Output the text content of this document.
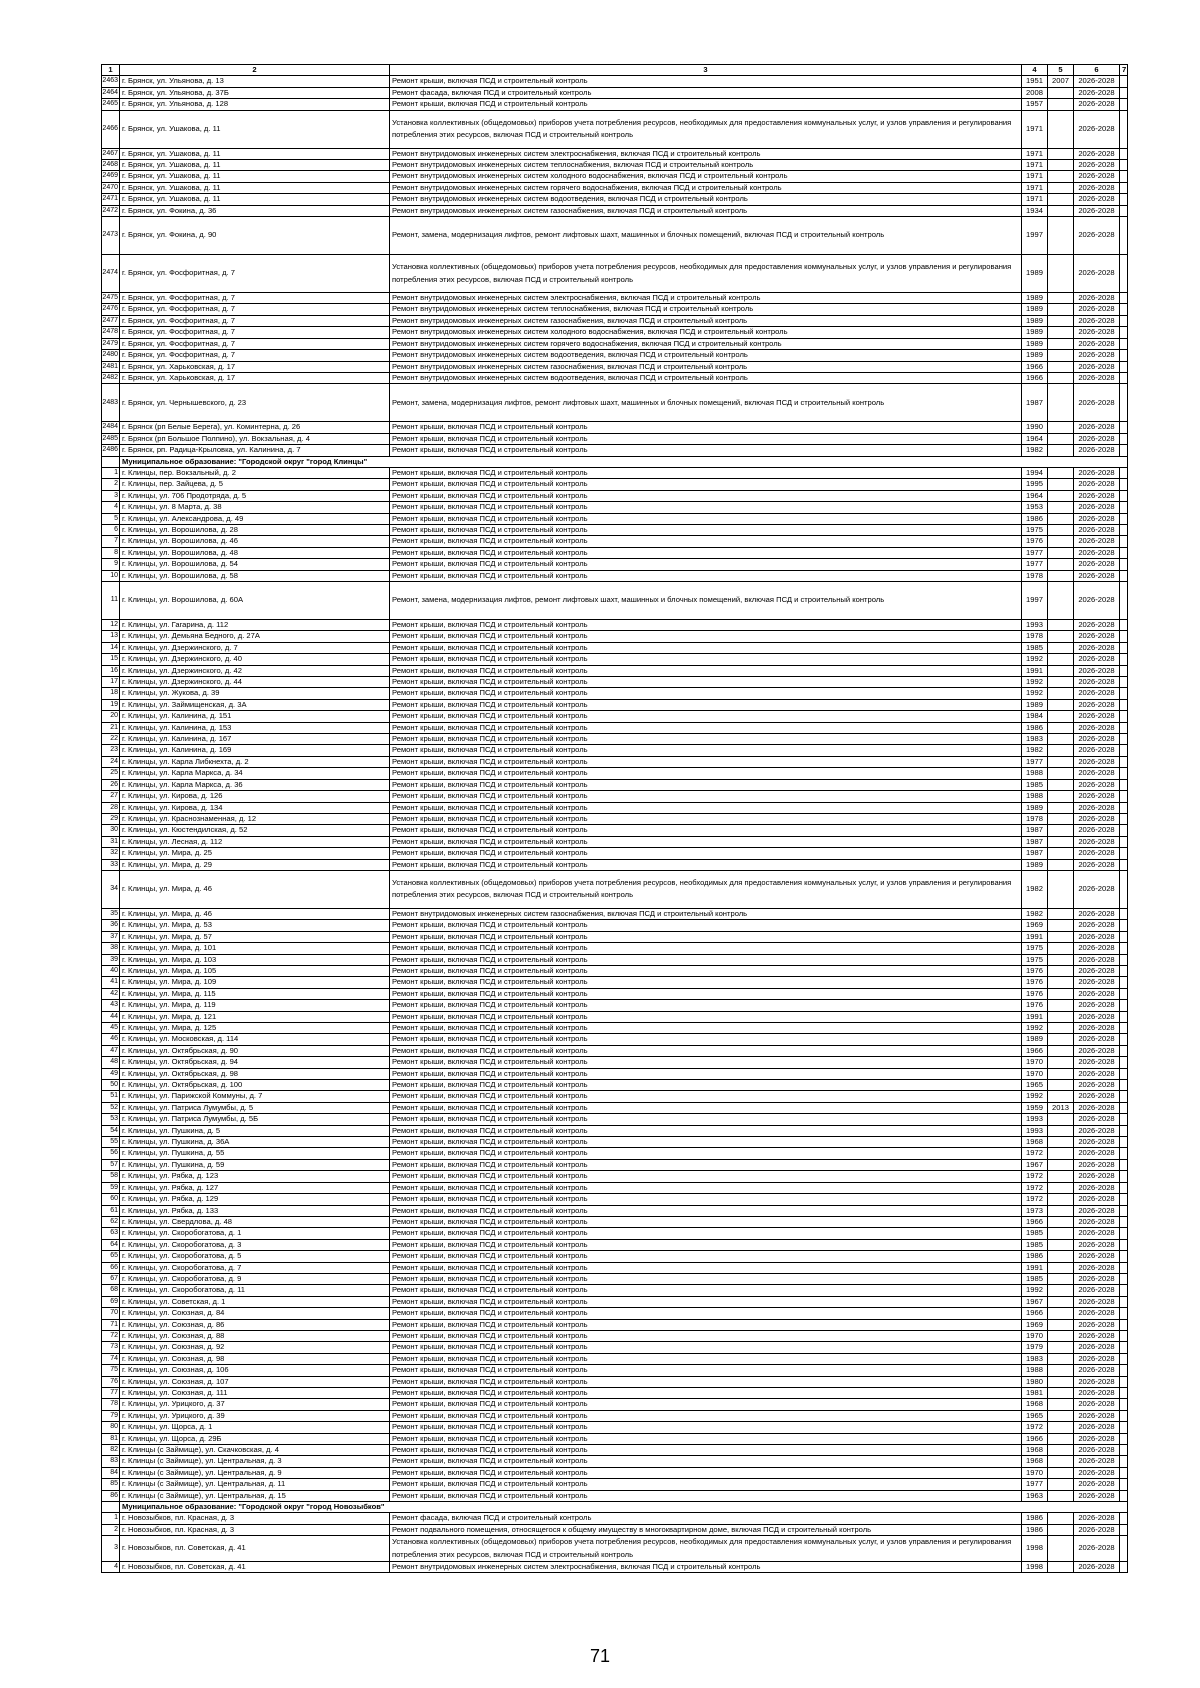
1	2	3	4	5	6	7
2463	г. Брянск, ул. Ульянова, д. 13	Ремонт крыши, включая ПСД и строительный контроль	1951	2007	2026-2028	
2464	г. Брянск, ул. Ульянова, д. 37Б	Ремонт фасада, включая ПСД и строительный контроль	2008		2026-2028	
2465	г. Брянск, ул. Ульянова, д. 128	Ремонт крыши, включая ПСД и строительный контроль	1957		2026-2028	
2466	г. Брянск, ул. Ушакова, д. 11	Установка коллективных (общедомовых) приборов учета потребления ресурсов, необходимых для предоставления коммунальных услуг, и узлов управления и регулирования потребления этих ресурсов, включая ПСД и строительный контроль	1971		2026-2028	
2467	г. Брянск, ул. Ушакова, д. 11	Ремонт внутридомовых инженерных систем электроснабжения, включая ПСД и строительный контроль	1971		2026-2028	
2468	г. Брянск, ул. Ушакова, д. 11	Ремонт внутридомовых инженерных систем теплоснабжения, включая ПСД и строительный контроль	1971		2026-2028	
2469	г. Брянск, ул. Ушакова, д. 11	Ремонт внутридомовых инженерных систем холодного водоснабжения, включая ПСД и строительный контроль	1971		2026-2028	
2470	г. Брянск, ул. Ушакова, д. 11	Ремонт внутридомовых инженерных систем горячего водоснабжения, включая ПСД и строительный контроль	1971		2026-2028	
2471	г. Брянск, ул. Ушакова, д. 11	Ремонт внутридомовых инженерных систем водоотведения, включая ПСД и строительный контроль	1971		2026-2028	
2472	г. Брянск, ул. Фокина, д. 36	Ремонт внутридомовых инженерных систем газоснабжения, включая ПСД и строительный контроль	1934		2026-2028	
2473	г. Брянск, ул. Фокина, д. 90	Ремонт, замена, модернизация лифтов, ремонт лифтовых шахт, машинных и блочных помещений, включая ПСД и строительный контроль	1997		2026-2028	
2474	г. Брянск, ул. Фосфоритная, д. 7	Установка коллективных (общедомовых) приборов учета потребления ресурсов, необходимых для предоставления коммунальных услуг, и узлов управления и регулирования потребления этих ресурсов, включая ПСД и строительный контроль	1989		2026-2028	
2475	г. Брянск, ул. Фосфоритная, д. 7	Ремонт внутридомовых инженерных систем электроснабжения, включая ПСД и строительный контроль	1989		2026-2028	
2476	г. Брянск, ул. Фосфоритная, д. 7	Ремонт внутридомовых инженерных систем теплоснабжения, включая ПСД и строительный контроль	1989		2026-2028	
2477	г. Брянск, ул. Фосфоритная, д. 7	Ремонт внутридомовых инженерных систем газоснабжения, включая ПСД и строительный контроль	1989		2026-2028	
2478	г. Брянск, ул. Фосфоритная, д. 7	Ремонт внутридомовых инженерных систем холодного водоснабжения, включая ПСД и строительный контроль	1989		2026-2028	
2479	г. Брянск, ул. Фосфоритная, д. 7	Ремонт внутридомовых инженерных систем горячего водоснабжения, включая ПСД и строительный контроль	1989		2026-2028	
2480	г. Брянск, ул. Фосфоритная, д. 7	Ремонт внутридомовых инженерных систем водоотведения, включая ПСД и строительный контроль	1989		2026-2028	
2481	г. Брянск, ул. Харьковская, д. 17	Ремонт внутридомовых инженерных систем газоснабжения, включая ПСД и строительный контроль	1966		2026-2028	
2482	г. Брянск, ул. Харьковская, д. 17	Ремонт внутридомовых инженерных систем водоотведения, включая ПСД и строительный контроль	1966		2026-2028	
2483	г. Брянск, ул. Чернышевского, д. 23	Ремонт, замена, модернизация лифтов, ремонт лифтовых шахт, машинных и блочных помещений, включая ПСД и строительный контроль	1987		2026-2028	
2484	г. Брянск (рп Белые Берега), ул. Коминтерна, д. 26	Ремонт крыши, включая ПСД и строительный контроль	1990		2026-2028	
2485	г. Брянск (рп Большое Полпино), ул. Вокзальная, д. 4	Ремонт крыши, включая ПСД и строительный контроль	1964		2026-2028	
2486	г. Брянск, рп. Радица-Крыловка, ул. Калинина, д. 7	Ремонт крыши, включая ПСД и строительный контроль	1982		2026-2028	
	Муниципальное образование: "Городской округ "город Клинцы"					
1	г. Клинцы, пер. Вокзальный, д. 2	Ремонт крыши, включая ПСД и строительный контроль	1994		2026-2028	
2	г. Клинцы, пер. Зайцева, д. 5	Ремонт крыши, включая ПСД и строительный контроль	1995		2026-2028	
3	г. Клинцы, ул. 706 Продотряда, д. 5	Ремонт крыши, включая ПСД и строительный контроль	1964		2026-2028	
4	г. Клинцы, ул. 8 Марта, д. 38	Ремонт крыши, включая ПСД и строительный контроль	1953		2026-2028	
5	г. Клинцы, ул. Александрова, д. 49	Ремонт крыши, включая ПСД и строительный контроль	1986		2026-2028	
6	г. Клинцы, ул. Ворошилова, д. 28	Ремонт крыши, включая ПСД и строительный контроль	1975		2026-2028	
7	г. Клинцы, ул. Ворошилова, д. 46	Ремонт крыши, включая ПСД и строительный контроль	1976		2026-2028	
8	г. Клинцы, ул. Ворошилова, д. 48	Ремонт крыши, включая ПСД и строительный контроль	1977		2026-2028	
9	г. Клинцы, ул. Ворошилова, д. 54	Ремонт крыши, включая ПСД и строительный контроль	1977		2026-2028	
10	г. Клинцы, ул. Ворошилова, д. 58	Ремонт крыши, включая ПСД и строительный контроль	1978		2026-2028	
11	г. Клинцы, ул. Ворошилова, д. 60А	Ремонт, замена, модернизация лифтов, ремонт лифтовых шахт, машинных и блочных помещений, включая ПСД и строительный контроль	1997		2026-2028	
12	г. Клинцы, ул. Гагарина, д. 112	Ремонт крыши, включая ПСД и строительный контроль	1993		2026-2028	
13	г. Клинцы, ул. Демьяна Бедного, д. 27А	Ремонт крыши, включая ПСД и строительный контроль	1978		2026-2028	
14	г. Клинцы, ул. Дзержинского, д. 7	Ремонт крыши, включая ПСД и строительный контроль	1985		2026-2028	
15	г. Клинцы, ул. Дзержинского, д. 40	Ремонт крыши, включая ПСД и строительный контроль	1992		2026-2028	
16	г. Клинцы, ул. Дзержинского, д. 42	Ремонт крыши, включая ПСД и строительный контроль	1991		2026-2028	
17	г. Клинцы, ул. Дзержинского, д. 44	Ремонт крыши, включая ПСД и строительный контроль	1992		2026-2028	
18	г. Клинцы, ул. Жукова, д. 39	Ремонт крыши, включая ПСД и строительный контроль	1992		2026-2028	
19	г. Клинцы, ул. Займищенская, д. 3А	Ремонт крыши, включая ПСД и строительный контроль	1989		2026-2028	
20	г. Клинцы, ул. Калинина, д. 151	Ремонт крыши, включая ПСД и строительный контроль	1984		2026-2028	
21	г. Клинцы, ул. Калинина, д. 153	Ремонт крыши, включая ПСД и строительный контроль	1986		2026-2028	
22	г. Клинцы, ул. Калинина, д. 167	Ремонт крыши, включая ПСД и строительный контроль	1983		2026-2028	
23	г. Клинцы, ул. Калинина, д. 169	Ремонт крыши, включая ПСД и строительный контроль	1982		2026-2028	
24	г. Клинцы, ул. Карла Либкнехта, д. 2	Ремонт крыши, включая ПСД и строительный контроль	1977		2026-2028	
25	г. Клинцы, ул. Карла Маркса, д. 34	Ремонт крыши, включая ПСД и строительный контроль	1988		2026-2028	
26	г. Клинцы, ул. Карла Маркса, д. 36	Ремонт крыши, включая ПСД и строительный контроль	1985		2026-2028	
27	г. Клинцы, ул. Кирова, д. 126	Ремонт крыши, включая ПСД и строительный контроль	1988		2026-2028	
28	г. Клинцы, ул. Кирова, д. 134	Ремонт крыши, включая ПСД и строительный контроль	1989		2026-2028	
29	г. Клинцы, ул. Краснознаменная, д. 12	Ремонт крыши, включая ПСД и строительный контроль	1978		2026-2028	
30	г. Клинцы, ул. Кюстендилская, д. 52	Ремонт крыши, включая ПСД и строительный контроль	1987		2026-2028	
31	г. Клинцы, ул. Лесная, д. 112	Ремонт крыши, включая ПСД и строительный контроль	1987		2026-2028	
32	г. Клинцы, ул. Мира, д. 25	Ремонт крыши, включая ПСД и строительный контроль	1987		2026-2028	
33	г. Клинцы, ул. Мира, д. 29	Ремонт крыши, включая ПСД и строительный контроль	1989		2026-2028	
34	г. Клинцы, ул. Мира, д. 46	Установка коллективных (общедомовых) приборов учета потребления ресурсов, необходимых для предоставления коммунальных услуг, и узлов управления и регулирования потребления этих ресурсов, включая ПСД и строительный контроль	1982		2026-2028	
35	г. Клинцы, ул. Мира, д. 46	Ремонт внутридомовых инженерных систем газоснабжения, включая ПСД и строительный контроль	1982		2026-2028	
36	г. Клинцы, ул. Мира, д. 53	Ремонт крыши, включая ПСД и строительный контроль	1969		2026-2028	
37	г. Клинцы, ул. Мира, д. 57	Ремонт крыши, включая ПСД и строительный контроль	1991		2026-2028	
38	г. Клинцы, ул. Мира, д. 101	Ремонт крыши, включая ПСД и строительный контроль	1975		2026-2028	
39	г. Клинцы, ул. Мира, д. 103	Ремонт крыши, включая ПСД и строительный контроль	1975		2026-2028	
40	г. Клинцы, ул. Мира, д. 105	Ремонт крыши, включая ПСД и строительный контроль	1976		2026-2028	
41	г. Клинцы, ул. Мира, д. 109	Ремонт крыши, включая ПСД и строительный контроль	1976		2026-2028	
42	г. Клинцы, ул. Мира, д. 115	Ремонт крыши, включая ПСД и строительный контроль	1976		2026-2028	
43	г. Клинцы, ул. Мира, д. 119	Ремонт крыши, включая ПСД и строительный контроль	1976		2026-2028	
44	г. Клинцы, ул. Мира, д. 121	Ремонт крыши, включая ПСД и строительный контроль	1991		2026-2028	
45	г. Клинцы, ул. Мира, д. 125	Ремонт крыши, включая ПСД и строительный контроль	1992		2026-2028	
46	г. Клинцы, ул. Московская, д. 114	Ремонт крыши, включая ПСД и строительный контроль	1989		2026-2028	
47	г. Клинцы, ул. Октябрьская, д. 90	Ремонт крыши, включая ПСД и строительный контроль	1966		2026-2028	
48	г. Клинцы, ул. Октябрьская, д. 94	Ремонт крыши, включая ПСД и строительный контроль	1970		2026-2028	
49	г. Клинцы, ул. Октябрьская, д. 98	Ремонт крыши, включая ПСД и строительный контроль	1970		2026-2028	
50	г. Клинцы, ул. Октябрьская, д. 100	Ремонт крыши, включая ПСД и строительный контроль	1965		2026-2028	
51	г. Клинцы, ул. Парижской Коммуны, д. 7	Ремонт крыши, включая ПСД и строительный контроль	1992		2026-2028	
52	г. Клинцы, ул. Патриса Лумумбы, д. 5	Ремонт крыши, включая ПСД и строительный контроль	1959	2013	2026-2028	
53	г. Клинцы, ул. Патриса Лумумбы, д. 5Б	Ремонт крыши, включая ПСД и строительный контроль	1993		2026-2028	
54	г. Клинцы, ул. Пушкина, д. 5	Ремонт крыши, включая ПСД и строительный контроль	1993		2026-2028	
55	г. Клинцы, ул. Пушкина, д. 36А	Ремонт крыши, включая ПСД и строительный контроль	1968		2026-2028	
56	г. Клинцы, ул. Пушкина, д. 55	Ремонт крыши, включая ПСД и строительный контроль	1972		2026-2028	
57	г. Клинцы, ул. Пушкина, д. 59	Ремонт крыши, включая ПСД и строительный контроль	1967		2026-2028	
58	г. Клинцы, ул. Рябка, д. 123	Ремонт крыши, включая ПСД и строительный контроль	1972		2026-2028	
59	г. Клинцы, ул. Рябка, д. 127	Ремонт крыши, включая ПСД и строительный контроль	1972		2026-2028	
60	г. Клинцы, ул. Рябка, д. 129	Ремонт крыши, включая ПСД и строительный контроль	1972		2026-2028	
61	г. Клинцы, ул. Рябка, д. 133	Ремонт крыши, включая ПСД и строительный контроль	1973		2026-2028	
62	г. Клинцы, ул. Свердлова, д. 48	Ремонт крыши, включая ПСД и строительный контроль	1966		2026-2028	
63	г. Клинцы, ул. Скоробогатова, д. 1	Ремонт крыши, включая ПСД и строительный контроль	1985		2026-2028	
64	г. Клинцы, ул. Скоробогатова, д. 3	Ремонт крыши, включая ПСД и строительный контроль	1985		2026-2028	
65	г. Клинцы, ул. Скоробогатова, д. 5	Ремонт крыши, включая ПСД и строительный контроль	1986		2026-2028	
66	г. Клинцы, ул. Скоробогатова, д. 7	Ремонт крыши, включая ПСД и строительный контроль	1991		2026-2028	
67	г. Клинцы, ул. Скоробогатова, д. 9	Ремонт крыши, включая ПСД и строительный контроль	1985		2026-2028	
68	г. Клинцы, ул. Скоробогатова, д. 11	Ремонт крыши, включая ПСД и строительный контроль	1992		2026-2028	
69	г. Клинцы, ул. Советская, д. 1	Ремонт крыши, включая ПСД и строительный контроль	1967		2026-2028	
70	г. Клинцы, ул. Союзная, д. 84	Ремонт крыши, включая ПСД и строительный контроль	1966		2026-2028	
71	г. Клинцы, ул. Союзная, д. 86	Ремонт крыши, включая ПСД и строительный контроль	1969		2026-2028	
72	г. Клинцы, ул. Союзная, д. 88	Ремонт крыши, включая ПСД и строительный контроль	1970		2026-2028	
73	г. Клинцы, ул. Союзная, д. 92	Ремонт крыши, включая ПСД и строительный контроль	1979		2026-2028	
74	г. Клинцы, ул. Союзная, д. 98	Ремонт крыши, включая ПСД и строительный контроль	1983		2026-2028	
75	г. Клинцы, ул. Союзная, д. 106	Ремонт крыши, включая ПСД и строительный контроль	1988		2026-2028	
76	г. Клинцы, ул. Союзная, д. 107	Ремонт крыши, включая ПСД и строительный контроль	1980		2026-2028	
77	г. Клинцы, ул. Союзная, д. 111	Ремонт крыши, включая ПСД и строительный контроль	1981		2026-2028	
78	г. Клинцы, ул. Урицкого, д. 37	Ремонт крыши, включая ПСД и строительный контроль	1968		2026-2028	
79	г. Клинцы, ул. Урицкого, д. 39	Ремонт крыши, включая ПСД и строительный контроль	1965		2026-2028	
80	г. Клинцы, ул. Щорса, д. 1	Ремонт крыши, включая ПСД и строительный контроль	1972		2026-2028	
81	г. Клинцы, ул. Щорса, д. 29Б	Ремонт крыши, включая ПСД и строительный контроль	1966		2026-2028	
82	г. Клинцы (с Займище), ул. Скачковская, д. 4	Ремонт крыши, включая ПСД и строительный контроль	1968		2026-2028	
83	г. Клинцы (с Займище), ул. Центральная, д. 3	Ремонт крыши, включая ПСД и строительный контроль	1968		2026-2028	
84	г. Клинцы (с Займище), ул. Центральная, д. 9	Ремонт крыши, включая ПСД и строительный контроль	1970		2026-2028	
85	г. Клинцы (с Займище), ул. Центральная, д. 11	Ремонт крыши, включая ПСД и строительный контроль	1977		2026-2028	
86	г. Клинцы (с Займище), ул. Центральная, д. 15	Ремонт крыши, включая ПСД и строительный контроль	1963		2026-2028	
	Муниципальное образование: "Городской округ "город Новозыбков"					
1	г. Новозыбков, пл. Красная, д. 3	Ремонт фасада, включая ПСД и строительный контроль	1986		2026-2028	
2	г. Новозыбков, пл. Красная, д. 3	Ремонт подвального помещения, относящегося к общему имуществу в многоквартирном доме, включая ПСД и строительный контроль	1986		2026-2028	
3	г. Новозыбков, пл. Советская, д. 41	Установка коллективных (общедомовых) приборов учета потребления ресурсов, необходимых для предоставления коммунальных услуг, и узлов управления и регулирования потребления этих ресурсов, включая ПСД и строительный контроль	1998		2026-2028	
4	г. Новозыбков, пл. Советская, д. 41	Ремонт внутридомовых инженерных систем электроснабжения, включая ПСД и строительный контроль	1998		2026-2028	
71
